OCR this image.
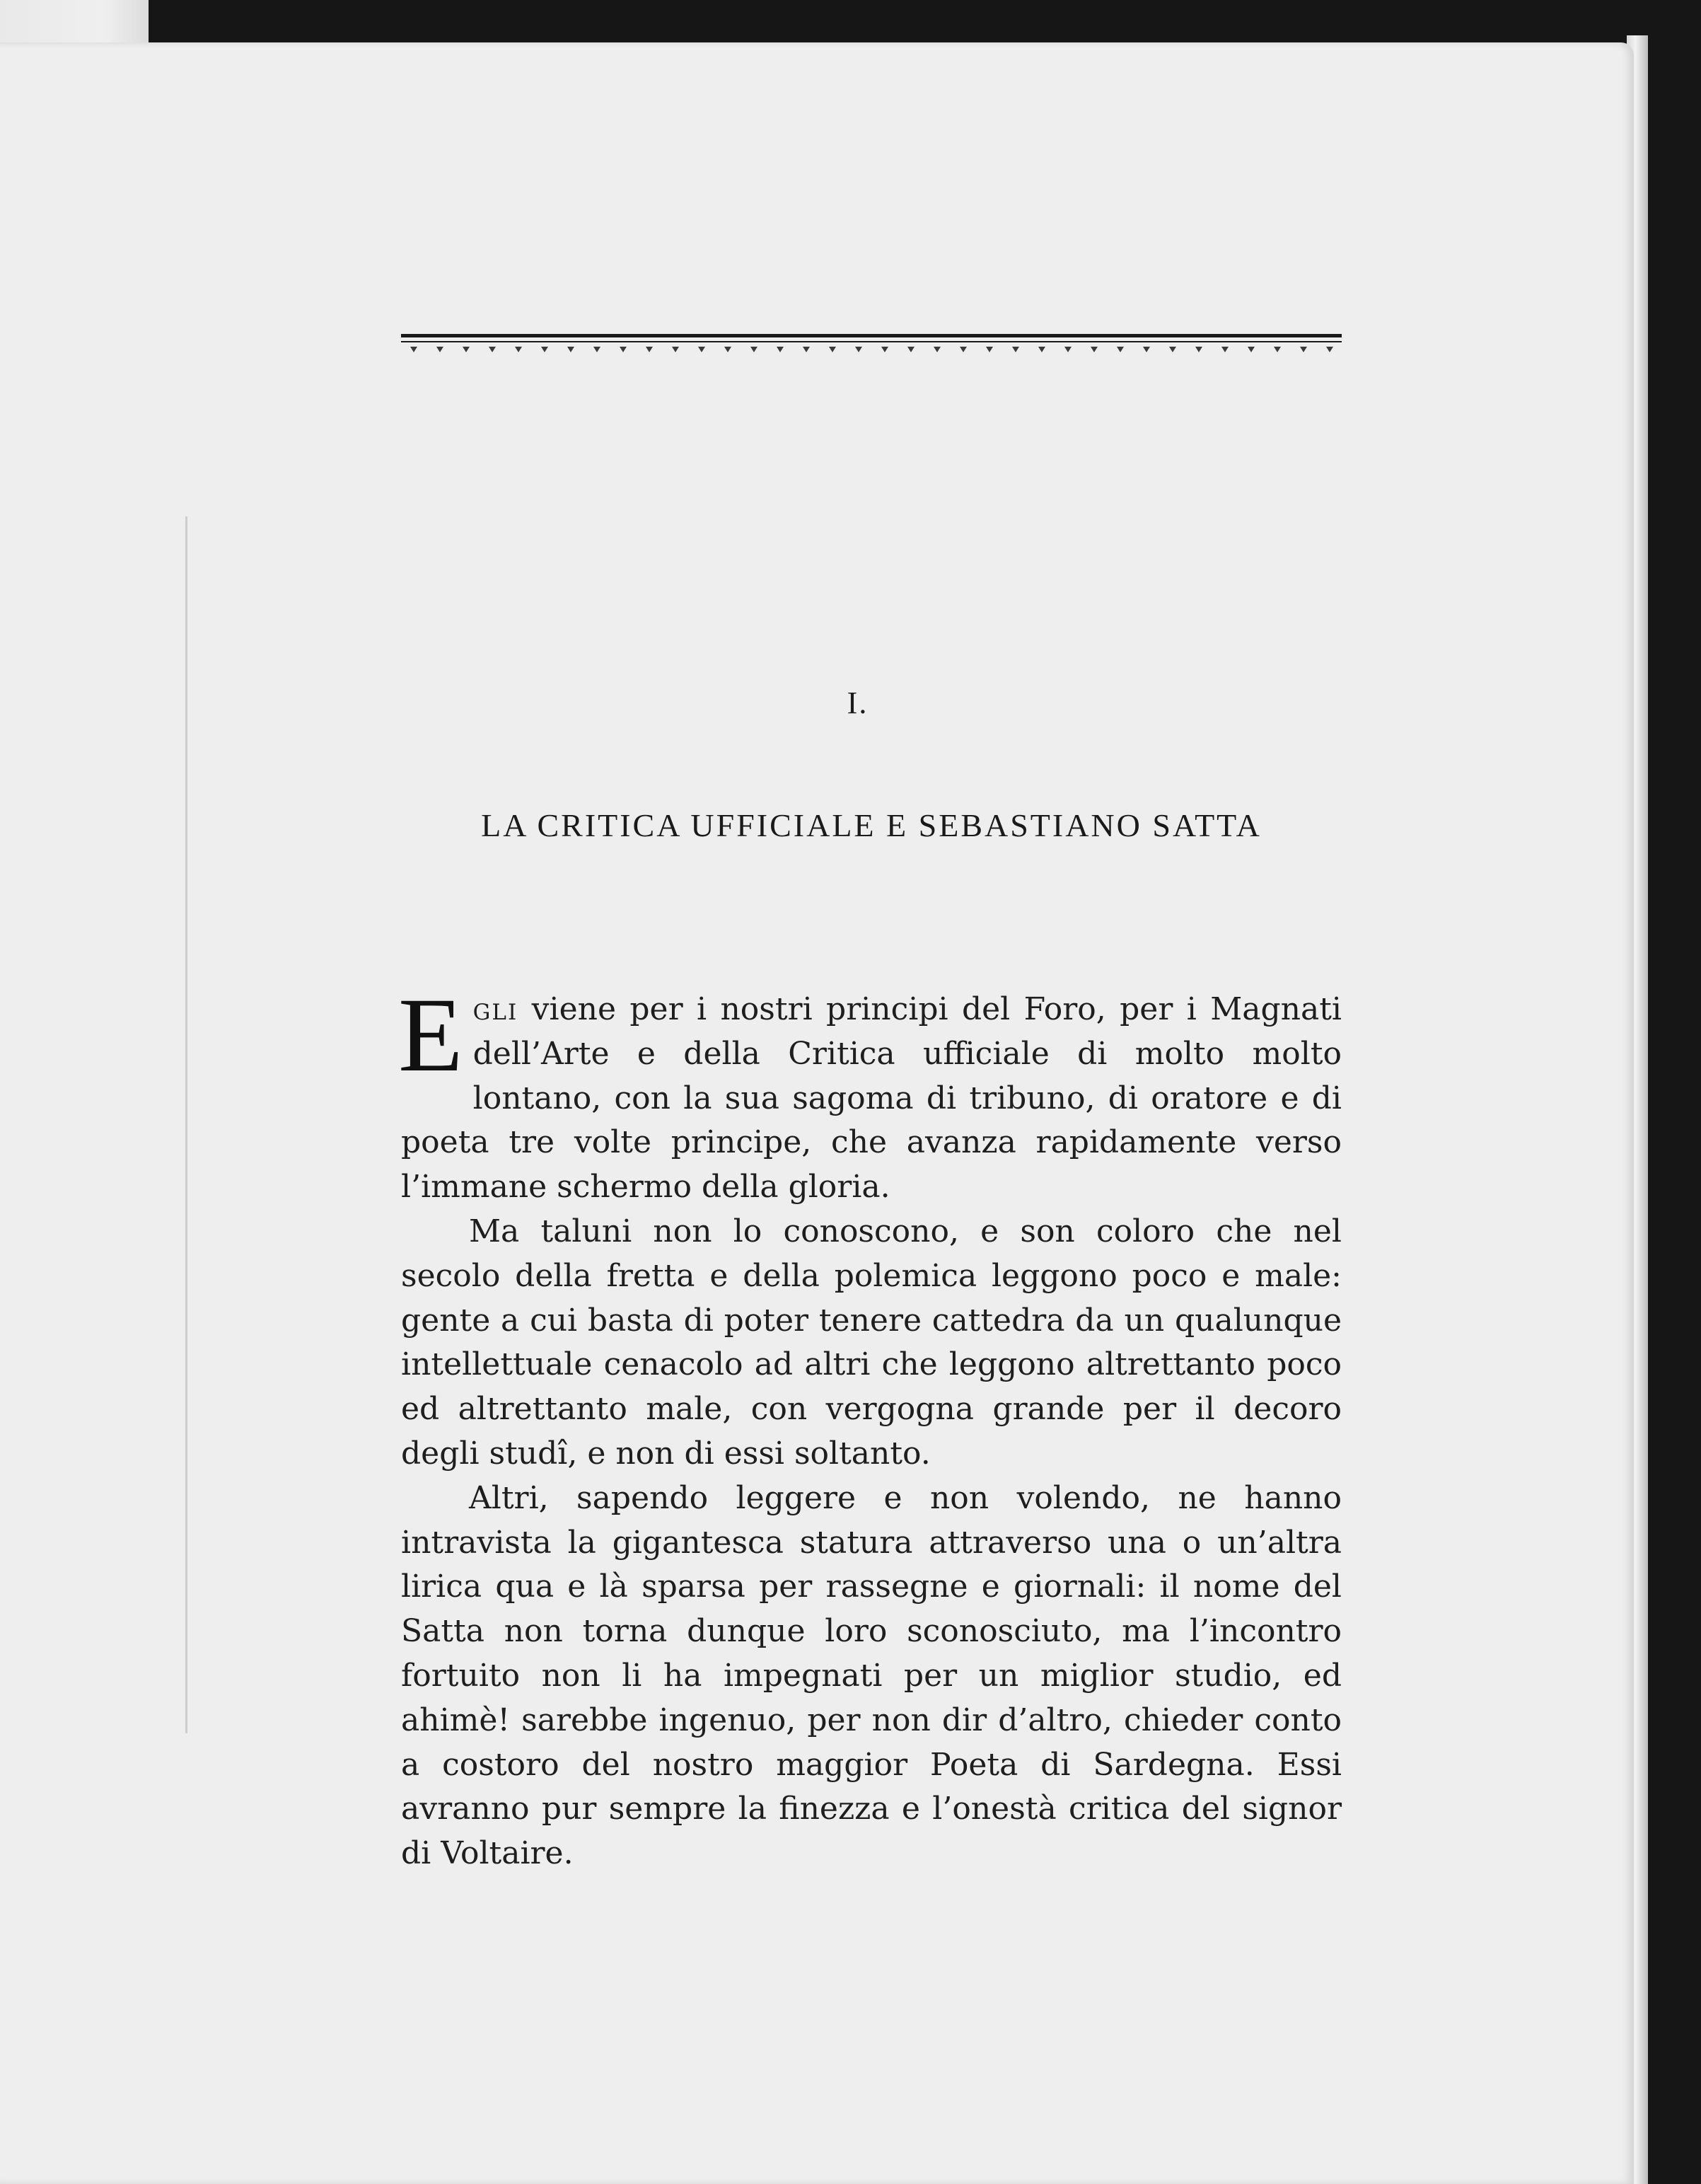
I.
LA CRITICA UFFICIALE E SEBASTIANO SATTA

Egli viene per i nostri principi del Foro, per i Magnati dell’Arte e della Critica ufficiale di molto molto lontano, con la sua sagoma di tribuno, di oratore e di poeta tre volte principe, che avanza rapidamente verso l’immane schermo della gloria.

Ma taluni non lo conoscono, e son coloro che nel secolo della fretta e della polemica leggono poco e male: gente a cui basta di poter tenere cattedra da un qualunque intellettuale cenacolo ad altri che leggono altrettanto poco ed altrettanto male, con vergogna grande per il decoro degli studî, e non di essi soltanto.

Altri, sapendo leggere e non volendo, ne hanno intravista la gigantesca statura attraverso una o un’altra lirica qua e là sparsa per rassegne e giornali: il nome del Satta non torna dunque loro sconosciuto, ma l’incontro fortuito non li ha impegnati per un miglior studio, ed ahimè! sarebbe ingenuo, per non dir d’altro, chieder conto a costoro del nostro maggior Poeta di Sardegna. Essi avranno pur sempre la finezza e l’onestà critica del signor di Voltaire.
